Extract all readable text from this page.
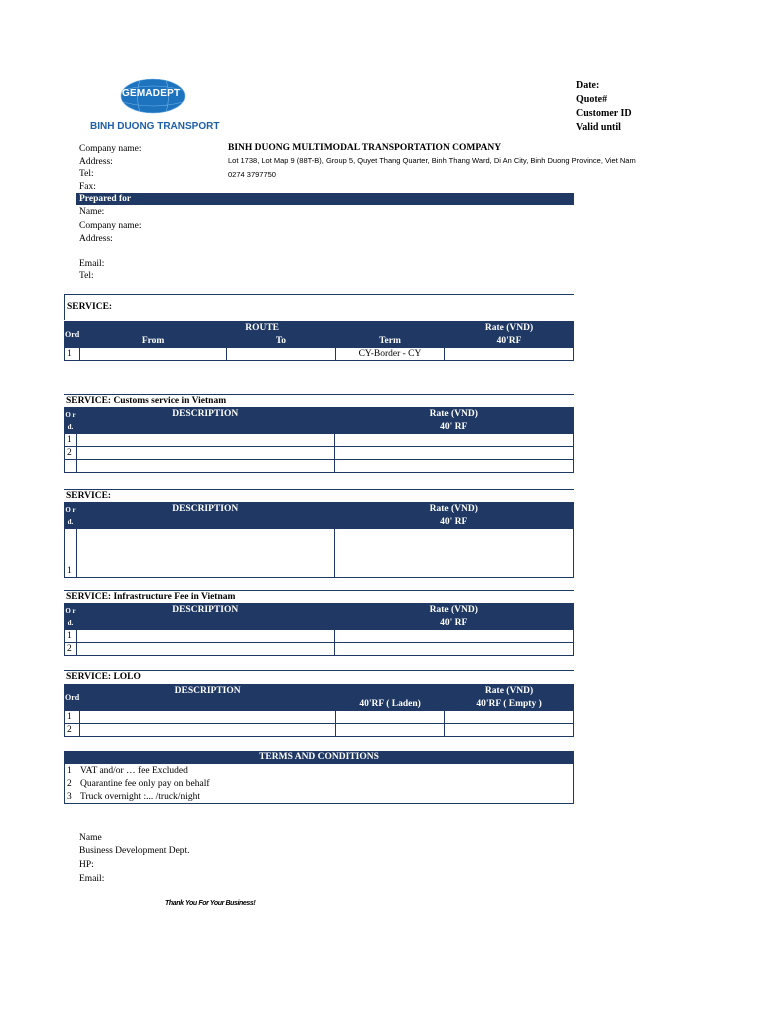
GEMADEPT
BINH DUONG TRANSPORT
Date:
Quote#
Customer ID
Valid until
Company name:	BINH DUONG MULTIMODAL TRANSPORTATION COMPANY
Address:	Lot 1738, Lot Map 9 (88T-B), Group 5, Quyet Thang Quarter, Binh Thang Ward, Di An City, Binh Duong Province, Viet Nam
Tel:	0274 3797750
Fax:
Prepared for
Name:
Company name:
Address:
Email:
Tel:
SERVICE:
Ord	ROUTE			Rate (VND)
	From	To	Term	40'RF
1			CY-Border - CY	
SERVICE: Customs service in Vietnam
O r d.	DESCRIPTION	Rate (VND)
		40' RF
1		
2		

SERVICE:
O r d.	DESCRIPTION	Rate (VND)
		40' RF
1		
SERVICE: Infrastructure Fee in Vietnam
O r d.	DESCRIPTION	Rate (VND)
		40' RF
1		
2		
SERVICE: LOLO
Ord	DESCRIPTION		Rate (VND)
		40'RF ( Laden)	40'RF ( Empty )
1			
2			
TERMS AND CONDITIONS
1 VAT and/or … fee Excluded
2 Quarantine fee only pay on behalf
3 Truck overnight :... /truck/night
Name
Business Development Dept.
HP:
Email:
Thank You For Your Business!
